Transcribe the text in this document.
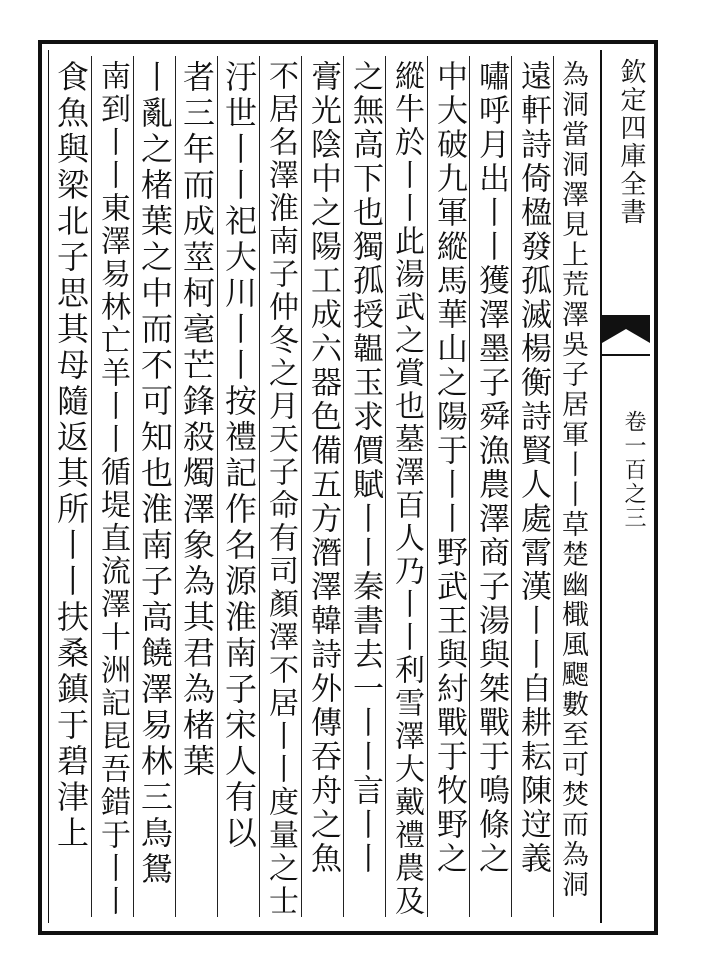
為洞當洞澤見上荒澤吳子居軍丨丨草楚幽檝風颸數至可焚而為洞
遠軒詩倚楹發孤滅楊衡詩賢人處霄漢丨丨自耕耘陳䢘義
嘯呼月出丨丨獲澤墨子舜漁農澤商子湯與桀戰于鳴條之
中大破九軍縱馬華山之陽于丨丨野武王與紂戰于牧野之
縱牛於丨丨此湯武之賞也墓澤百人乃丨丨利雪澤大戴禮農及
之無高下也獨孤授韞玉求價賦丨丨秦書去一丨丨言丨丨
膏光陰中之陽工成六器色備五方潛澤韓詩外傳吞舟之魚
不居名澤淮南子仲冬之月天子命有司顏澤不居丨丨度量之士
汙世丨丨祀大川丨丨按禮記作名源淮南子宋人有以
者三年而成莖柯毫芒鋒殺燭澤象為其君為楮葉
丨亂之楮葉之中而不可知也淮南子高饒澤易林三鳥鴛
南到丨丨東澤易林亡羊丨丨循堤直流澤十洲記昆吾錯于丨丨
食魚與梁北子思其母隨返其所丨丨扶桑鎮于碧津上	欽定四庫全書
卷一百之三
